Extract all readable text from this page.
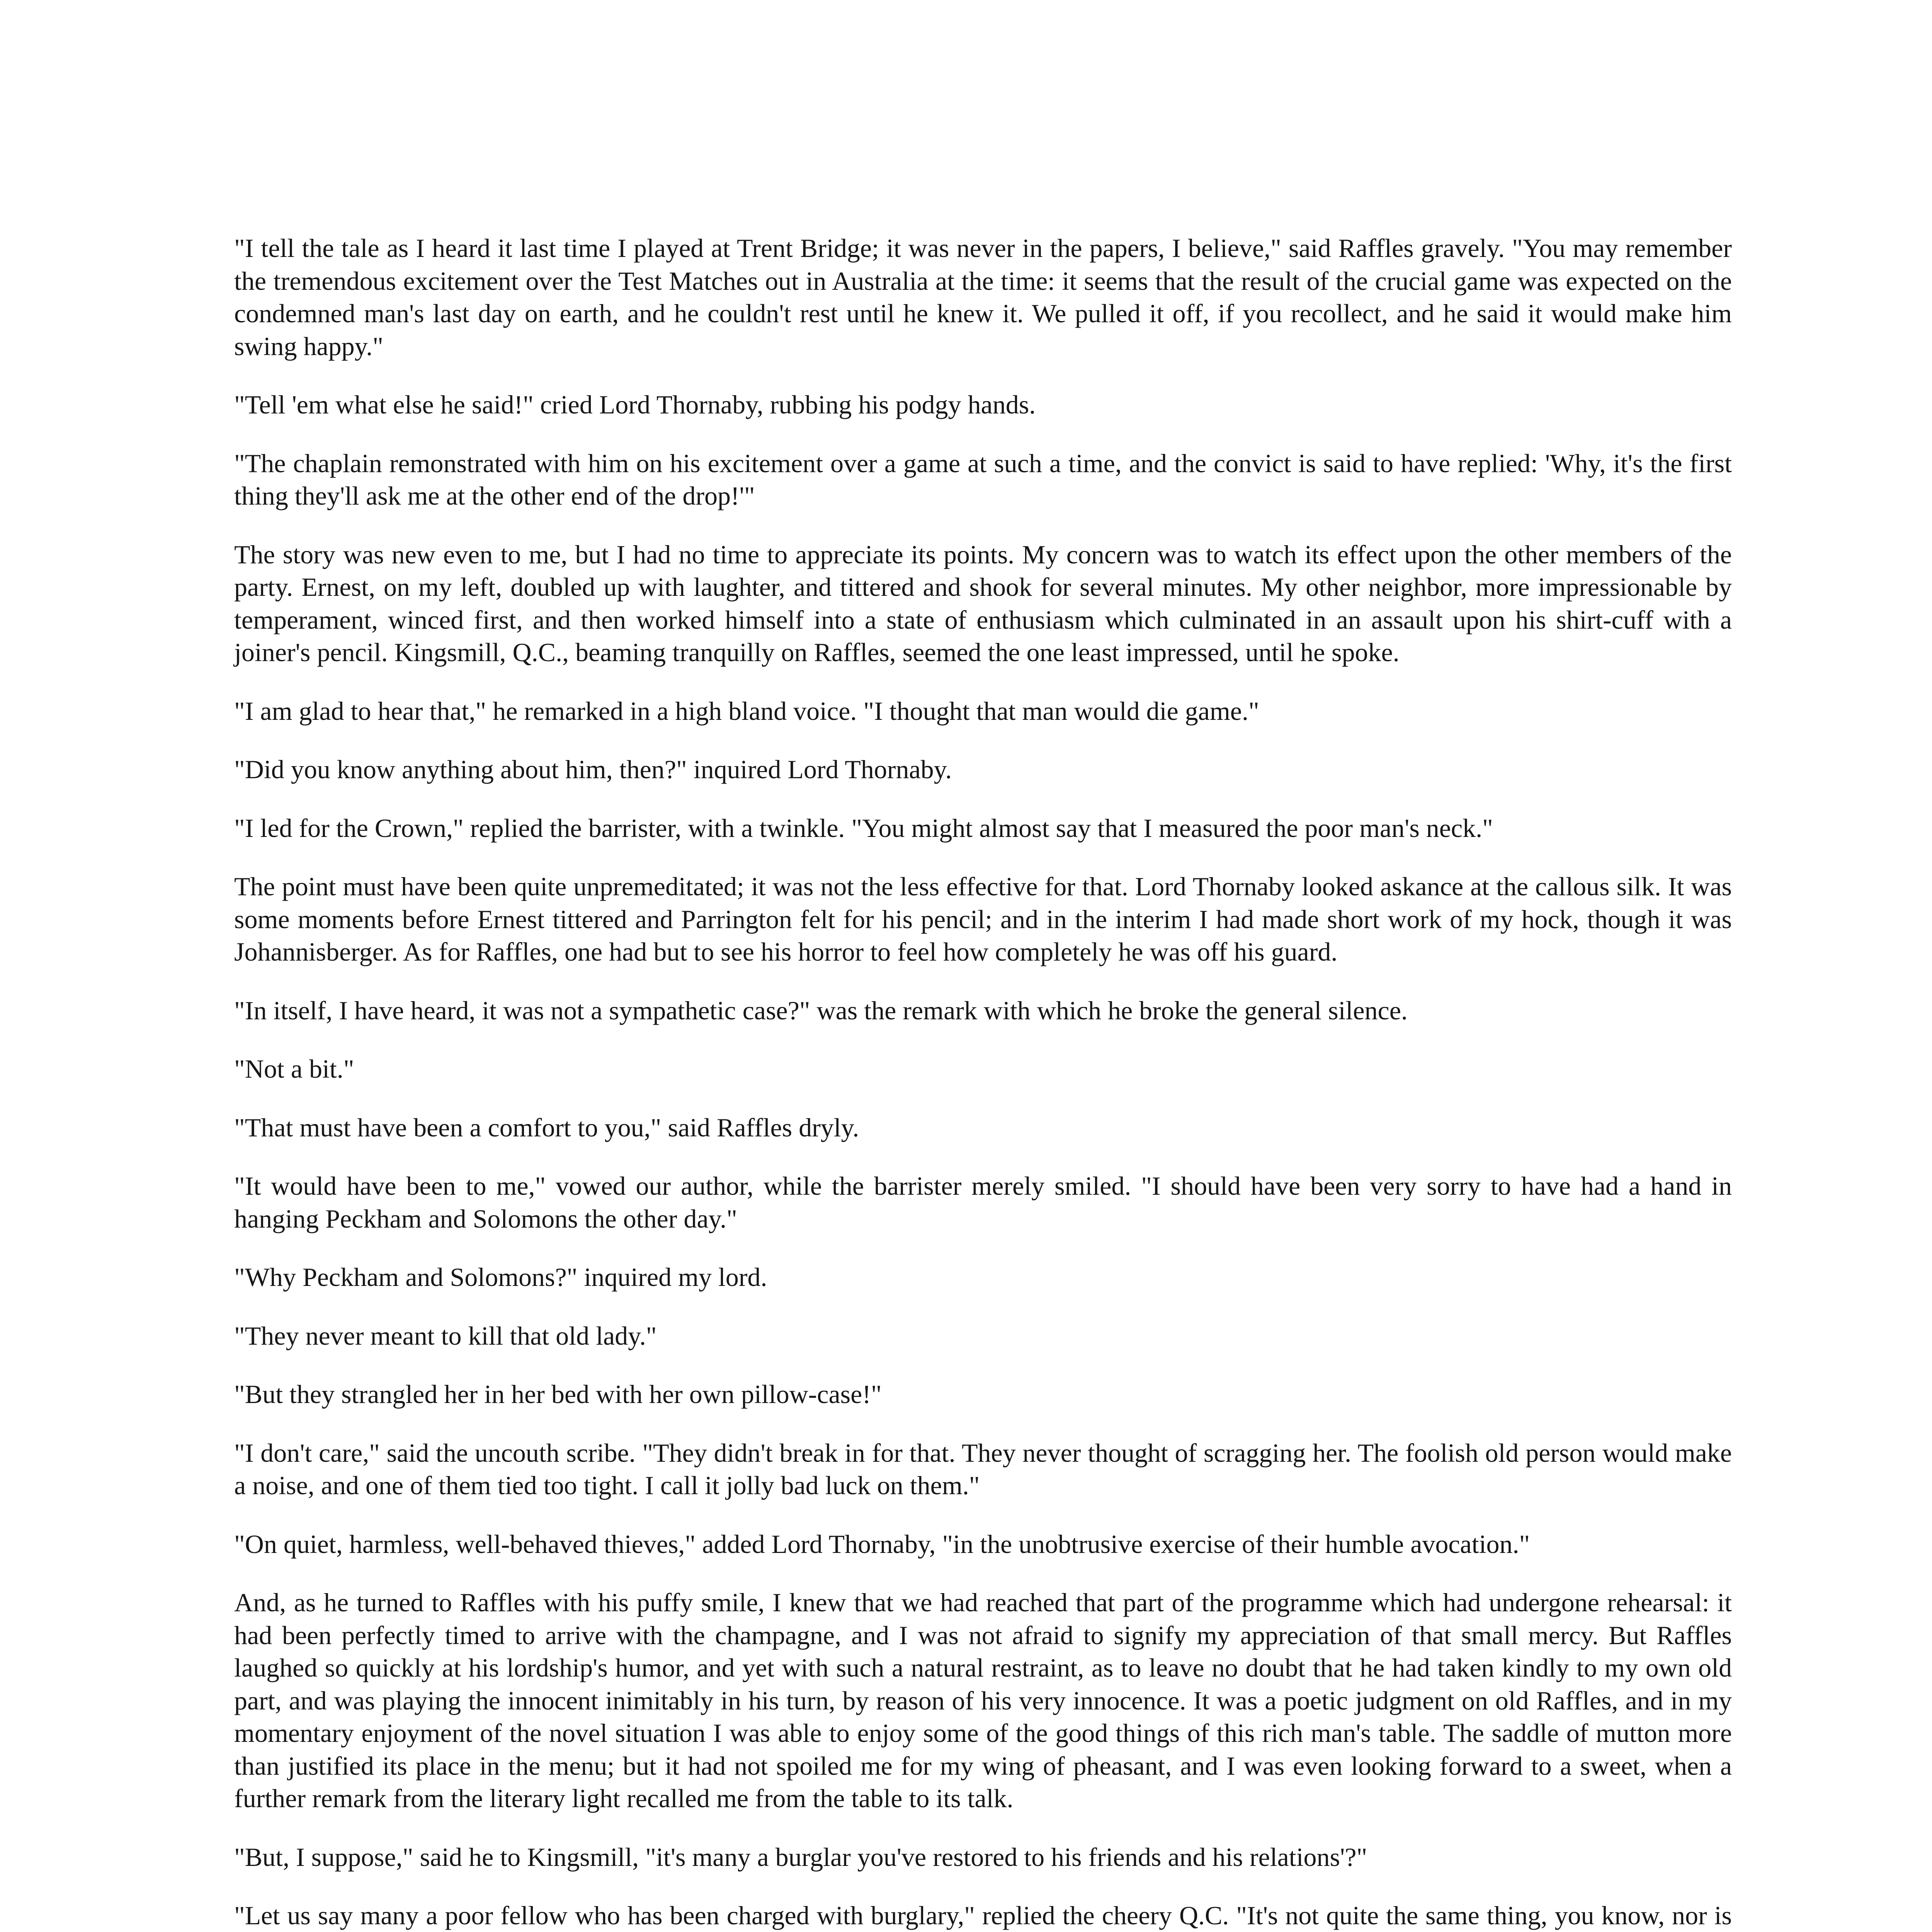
"I tell the tale as I heard it last time I played at Trent Bridge; it was never in the papers, I believe," said Raffles gravely. "You may remember the tremendous excitement over the Test Matches out in Australia at the time: it seems that the result of the crucial game was expected on the condemned man's last day on earth, and he couldn't rest until he knew it. We pulled it off, if you recollect, and he said it would make him swing happy."

"Tell 'em what else he said!" cried Lord Thornaby, rubbing his podgy hands.

"The chaplain remonstrated with him on his excitement over a game at such a time, and the convict is said to have replied: 'Why, it's the first thing they'll ask me at the other end of the drop!'"

The story was new even to me, but I had no time to appreciate its points. My concern was to watch its effect upon the other members of the party. Ernest, on my left, doubled up with laughter, and tittered and shook for several minutes. My other neighbor, more impressionable by temperament, winced first, and then worked himself into a state of enthusiasm which culminated in an assault upon his shirt-cuff with a joiner's pencil. Kingsmill, Q.C., beaming tranquilly on Raffles, seemed the one least impressed, until he spoke.

"I am glad to hear that," he remarked in a high bland voice. "I thought that man would die game."

"Did you know anything about him, then?" inquired Lord Thornaby.

"I led for the Crown," replied the barrister, with a twinkle. "You might almost say that I measured the poor man's neck."

The point must have been quite unpremeditated; it was not the less effective for that. Lord Thornaby looked askance at the callous silk. It was some moments before Ernest tittered and Parrington felt for his pencil; and in the interim I had made short work of my hock, though it was Johannisberger. As for Raffles, one had but to see his horror to feel how completely he was off his guard.

"In itself, I have heard, it was not a sympathetic case?" was the remark with which he broke the general silence.

"Not a bit."

"That must have been a comfort to you," said Raffles dryly.

"It would have been to me," vowed our author, while the barrister merely smiled. "I should have been very sorry to have had a hand in hanging Peckham and Solomons the other day."

"Why Peckham and Solomons?" inquired my lord.

"They never meant to kill that old lady."

"But they strangled her in her bed with her own pillow-case!"

"I don't care," said the uncouth scribe. "They didn't break in for that. They never thought of scragging her. The foolish old person would make a noise, and one of them tied too tight. I call it jolly bad luck on them."

"On quiet, harmless, well-behaved thieves," added Lord Thornaby, "in the unobtrusive exercise of their humble avocation."

And, as he turned to Raffles with his puffy smile, I knew that we had reached that part of the programme which had undergone rehearsal: it had been perfectly timed to arrive with the champagne, and I was not afraid to signify my appreciation of that small mercy. But Raffles laughed so quickly at his lordship's humor, and yet with such a natural restraint, as to leave no doubt that he had taken kindly to my own old part, and was playing the innocent inimitably in his turn, by reason of his very innocence. It was a poetic judgment on old Raffles, and in my momentary enjoyment of the novel situation I was able to enjoy some of the good things of this rich man's table. The saddle of mutton more than justified its place in the menu; but it had not spoiled me for my wing of pheasant, and I was even looking forward to a sweet, when a further remark from the literary light recalled me from the table to its talk.

"But, I suppose," said he to Kingsmill, "it's many a burglar you've restored to his friends and his relations'?"

"Let us say many a poor fellow who has been charged with burglary," replied the cheery Q.C. "It's not quite the same thing, you know, nor is
